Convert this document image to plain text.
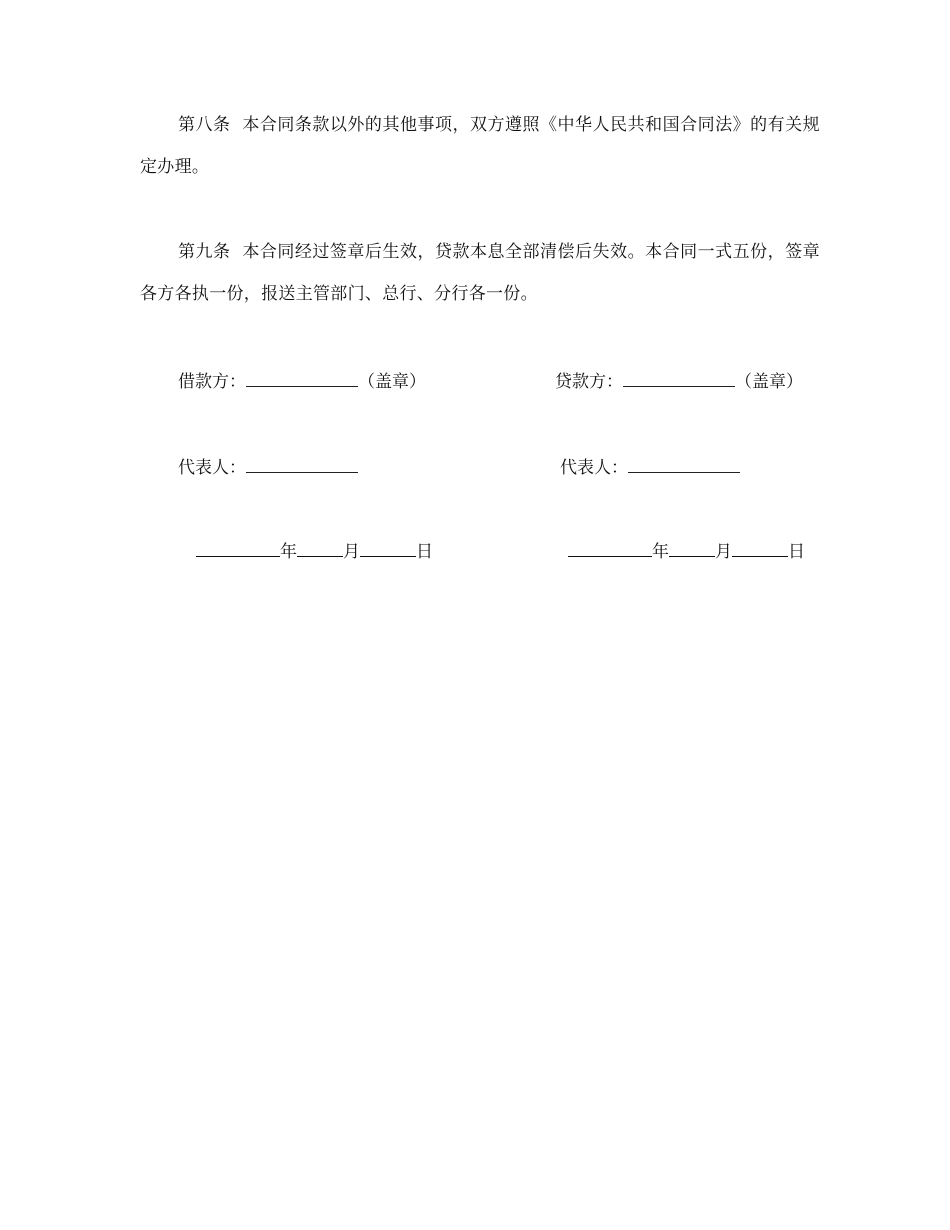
第八条 本合同条款以外的其他事项，双方遵照《中华人民共和国合同法》的有关规定办理。

第九条 本合同经过签章后生效，贷款本息全部清偿后失效。本合同一式五份，签章各方各执一份，报送主管部门、总行、分行各一份。

借款方：	（盖章）	贷款方：	（盖章）
代表人：	代表人：
年	月	日	年	月	日
